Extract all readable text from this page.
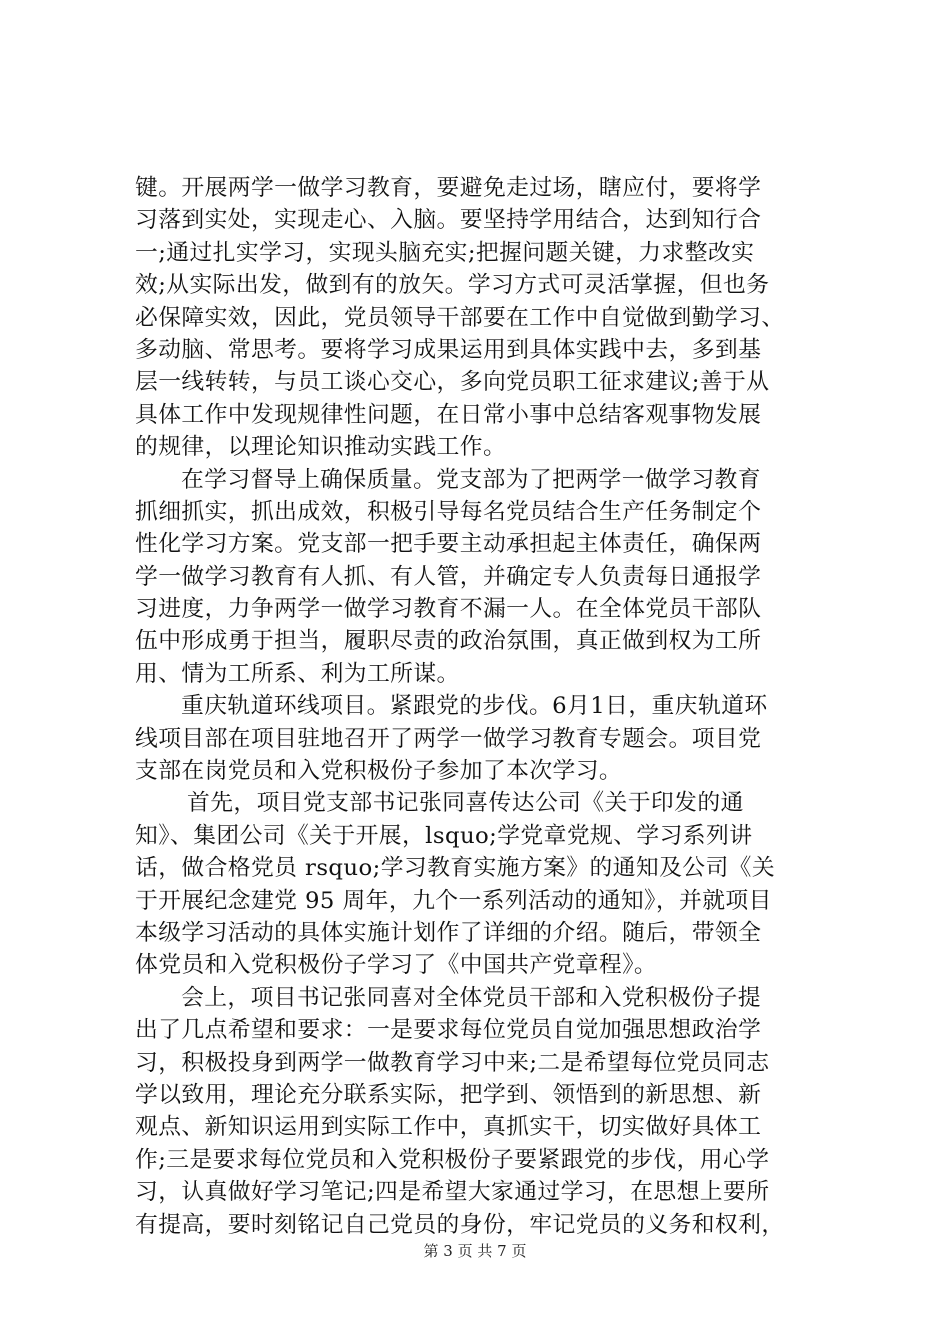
键。开展两学一做学习教育，要避免走过场，瞎应付，要将学
习落到实处，实现走心、入脑。要坚持学用结合，达到知行合
一;通过扎实学习，实现头脑充实;把握问题关键，力求整改实
效;从实际出发，做到有的放矢。学习方式可灵活掌握，但也务
必保障实效，因此，党员领导干部要在工作中自觉做到勤学习、
多动脑、常思考。要将学习成果运用到具体实践中去，多到基
层一线转转，与员工谈心交心，多向党员职工征求建议;善于从
具体工作中发现规律性问题，在日常小事中总结客观事物发展
的规律，以理论知识推动实践工作。
在学习督导上确保质量。党支部为了把两学一做学习教育
抓细抓实，抓出成效，积极引导每名党员结合生产任务制定个
性化学习方案。党支部一把手要主动承担起主体责任，确保两
学一做学习教育有人抓、有人管，并确定专人负责每日通报学
习进度，力争两学一做学习教育不漏一人。在全体党员干部队
伍中形成勇于担当，履职尽责的政治氛围，真正做到权为工所
用、情为工所系、利为工所谋。
重庆轨道环线项目。紧跟党的步伐。6月1日，重庆轨道环
线项目部在项目驻地召开了两学一做学习教育专题会。项目党
支部在岗党员和入党积极份子参加了本次学习。
首先，项目党支部书记张同喜传达公司《关于印发的通
知》、集团公司《关于开展，lsquo;学党章党规、学习系列讲
话，做合格党员 rsquo;学习教育实施方案》的通知及公司《关
于开展纪念建党 95 周年，九个一系列活动的通知》，并就项目
本级学习活动的具体实施计划作了详细的介绍。随后，带领全
体党员和入党积极份子学习了《中国共产党章程》。
会上，项目书记张同喜对全体党员干部和入党积极份子提
出了几点希望和要求：一是要求每位党员自觉加强思想政治学
习，积极投身到两学一做教育学习中来;二是希望每位党员同志
学以致用，理论充分联系实际，把学到、领悟到的新思想、新
观点、新知识运用到实际工作中，真抓实干，切实做好具体工
作;三是要求每位党员和入党积极份子要紧跟党的步伐，用心学
习，认真做好学习笔记;四是希望大家通过学习，在思想上要所
有提高，要时刻铭记自己党员的身份，牢记党员的义务和权利，
第 3 页 共 7 页
